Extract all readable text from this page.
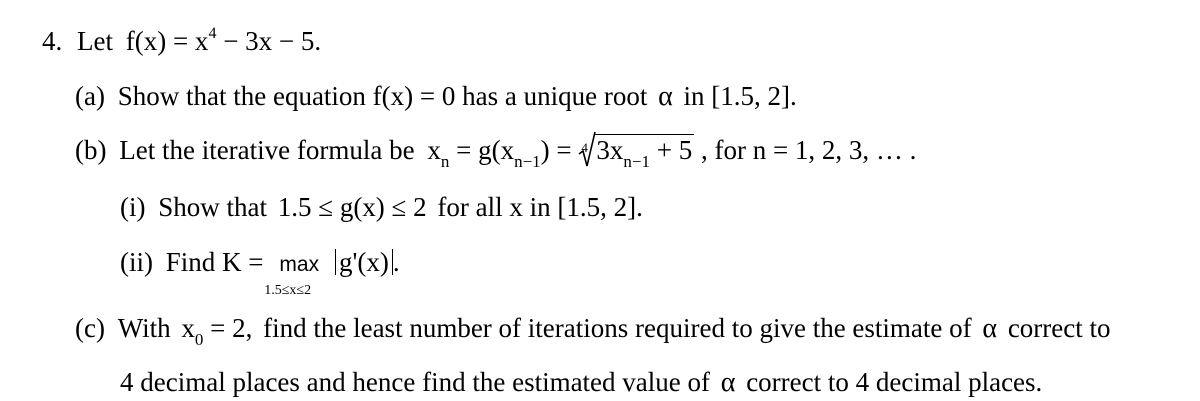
4. Let $f(x) = x^4 - 3x - 5$.
(a) Show that the equation f(x) = 0 has a unique root α in [1.5, 2].
(b) Let the iterative formula be $x_n = g(x_{n-1}) = 4$ $3x_{n-1} + 5$ , for n = 1, 2, 3, … .
(i) Show that 1.5 ≤ g(x) ≤ 2 for all x in [1.5, 2].
(ii) Find K = max
1.5≤x≤2
g'(x) .
(c) With $x_0 = 2$, find the least number of iterations required to give the estimate of α correct to
4 decimal places and hence find the estimated value of α correct to 4 decimal places.
